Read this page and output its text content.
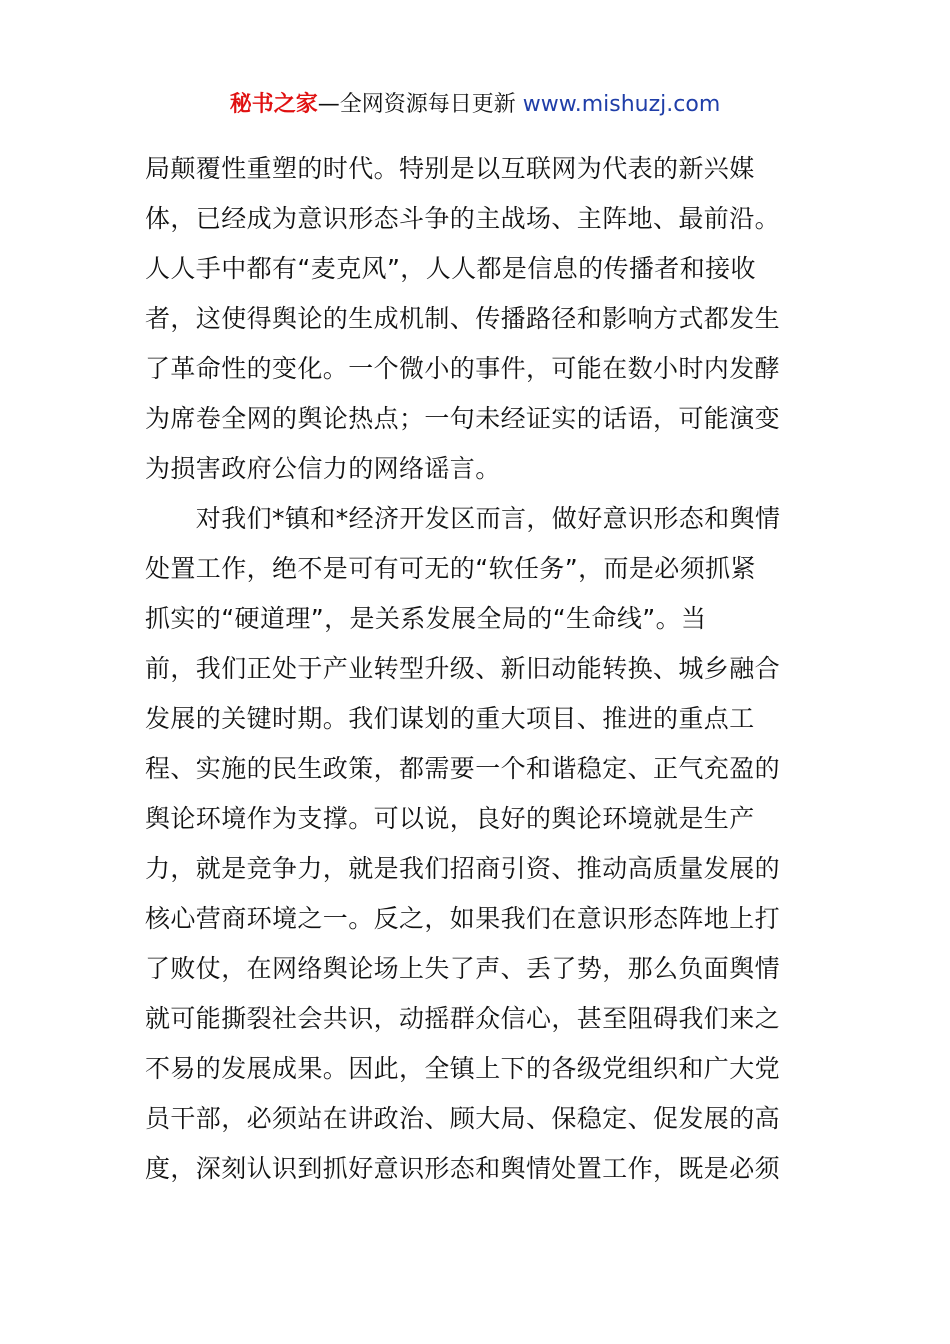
秘书之家—全网资源每日更新 www.mishuzj.com
局颠覆性重塑的时代。特别是以互联网为代表的新兴媒
体，已经成为意识形态斗争的主战场、主阵地、最前沿。
人人手中都有“麦克风”，人人都是信息的传播者和接收
者，这使得舆论的生成机制、传播路径和影响方式都发生
了革命性的变化。一个微小的事件，可能在数小时内发酵
为席卷全网的舆论热点；一句未经证实的话语，可能演变
为损害政府公信力的网络谣言。
　　对我们*镇和*经济开发区而言，做好意识形态和舆情
处置工作，绝不是可有可无的“软任务”，而是必须抓紧
抓实的“硬道理”，是关系发展全局的“生命线”。当
前，我们正处于产业转型升级、新旧动能转换、城乡融合
发展的关键时期。我们谋划的重大项目、推进的重点工
程、实施的民生政策，都需要一个和谐稳定、正气充盈的
舆论环境作为支撑。可以说，良好的舆论环境就是生产
力，就是竞争力，就是我们招商引资、推动高质量发展的
核心营商环境之一。反之，如果我们在意识形态阵地上打
了败仗，在网络舆论场上失了声、丢了势，那么负面舆情
就可能撕裂社会共识，动摇群众信心，甚至阻碍我们来之
不易的发展成果。因此，全镇上下的各级党组织和广大党
员干部，必须站在讲政治、顾大局、保稳定、促发展的高
度，深刻认识到抓好意识形态和舆情处置工作，既是必须
